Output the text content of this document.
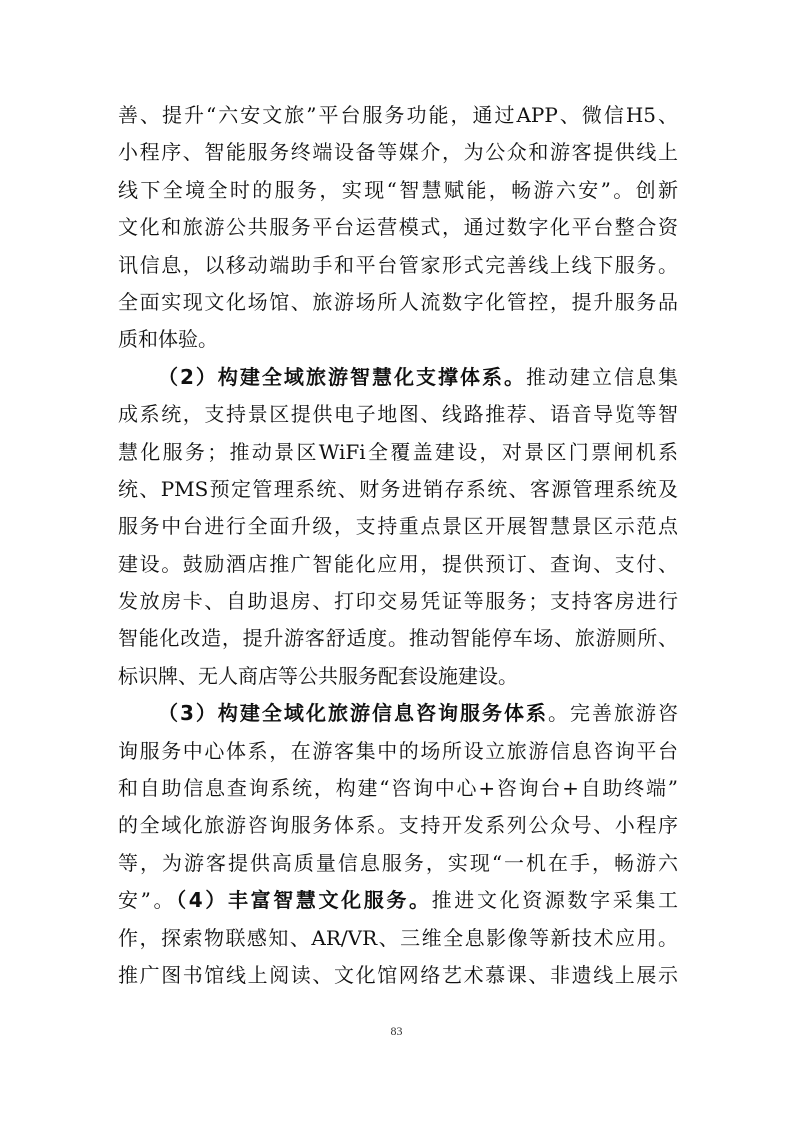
善、提升“六安文旅”平台服务功能，通过APP、微信H5、
小程序、智能服务终端设备等媒介，为公众和游客提供线上
线下全境全时的服务，实现“智慧赋能，畅游六安”。创新
文化和旅游公共服务平台运营模式，通过数字化平台整合资
讯信息，以移动端助手和平台管家形式完善线上线下服务。
全面实现文化场馆、旅游场所人流数字化管控，提升服务品
质和体验。
（2）构建全域旅游智慧化支撑体系。推动建立信息集
成系统，支持景区提供电子地图、线路推荐、语音导览等智
慧化服务；推动景区WiFi全覆盖建设，对景区门票闸机系
统、PMS预定管理系统、财务进销存系统、客源管理系统及
服务中台进行全面升级，支持重点景区开展智慧景区示范点
建设。鼓励酒店推广智能化应用，提供预订、查询、支付、
发放房卡、自助退房、打印交易凭证等服务；支持客房进行
智能化改造，提升游客舒适度。推动智能停车场、旅游厕所、
标识牌、无人商店等公共服务配套设施建设。
（3）构建全域化旅游信息咨询服务体系。完善旅游咨
询服务中心体系，在游客集中的场所设立旅游信息咨询平台
和自助信息查询系统，构建“咨询中心+咨询台+自助终端”
的全域化旅游咨询服务体系。支持开发系列公众号、小程序
等，为游客提供高质量信息服务，实现“一机在手，畅游六
安”。（4）丰富智慧文化服务。推进文化资源数字采集工
作，探索物联感知、AR/VR、三维全息影像等新技术应用。
推广图书馆线上阅读、文化馆网络艺术慕课、非遗线上展示
83
